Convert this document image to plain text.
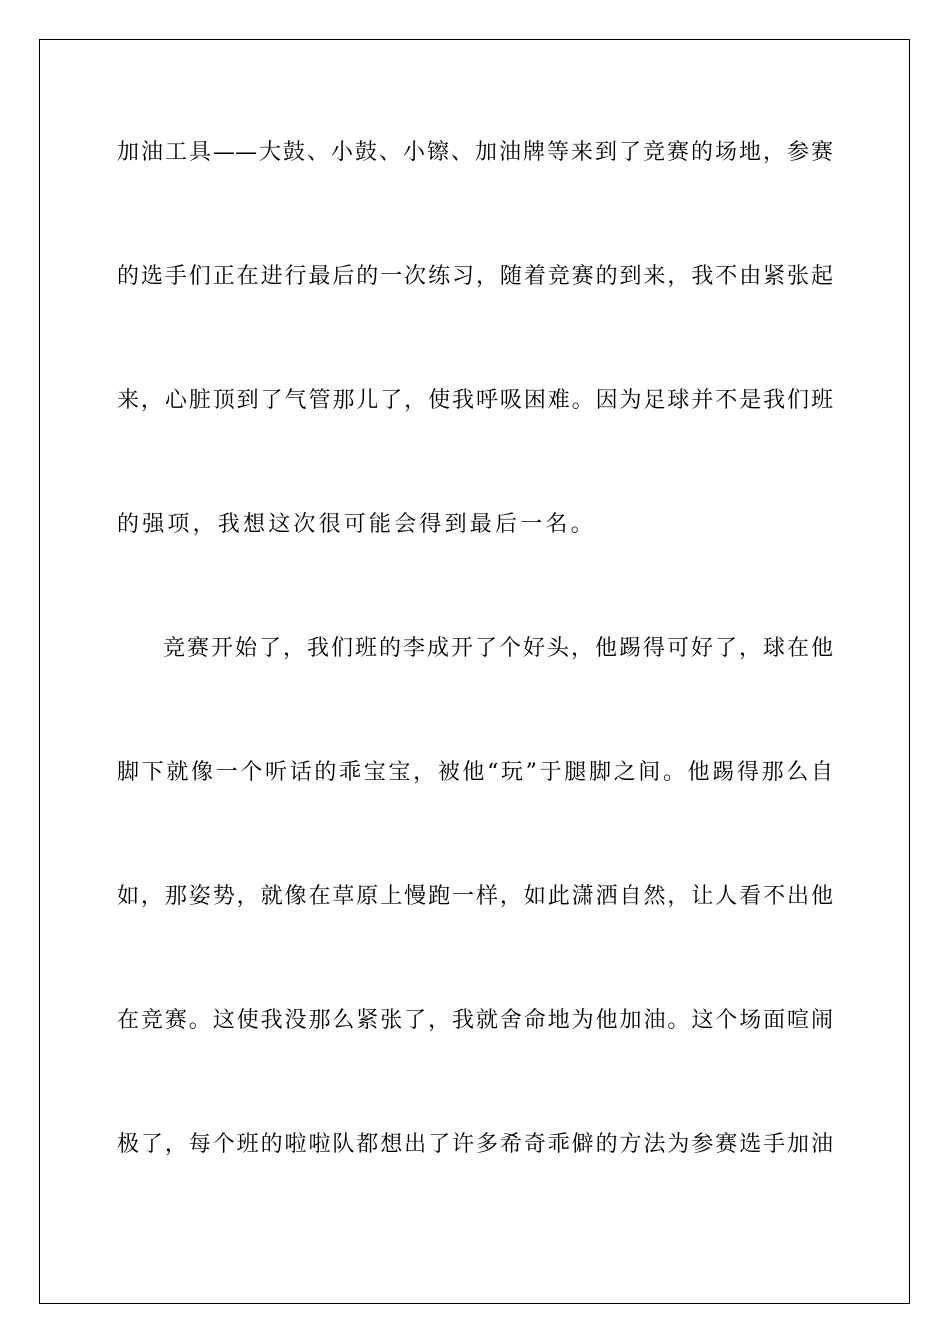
加油工具——大鼓、小鼓、小镲、加油牌等来到了竞赛的场地，参赛
的选手们正在进行最后的一次练习，随着竞赛的到来，我不由紧张起
来，心脏顶到了气管那儿了，使我呼吸困难。因为足球并不是我们班
的强项，我想这次很可能会得到最后一名。
竞赛开始了，我们班的李成开了个好头，他踢得可好了，球在他
脚下就像一个听话的乖宝宝，被他“玩”于腿脚之间。他踢得那么自
如，那姿势，就像在草原上慢跑一样，如此潇洒自然，让人看不出他
在竞赛。这使我没那么紧张了，我就舍命地为他加油。这个场面喧闹
极了，每个班的啦啦队都想出了许多希奇乖僻的方法为参赛选手加油
